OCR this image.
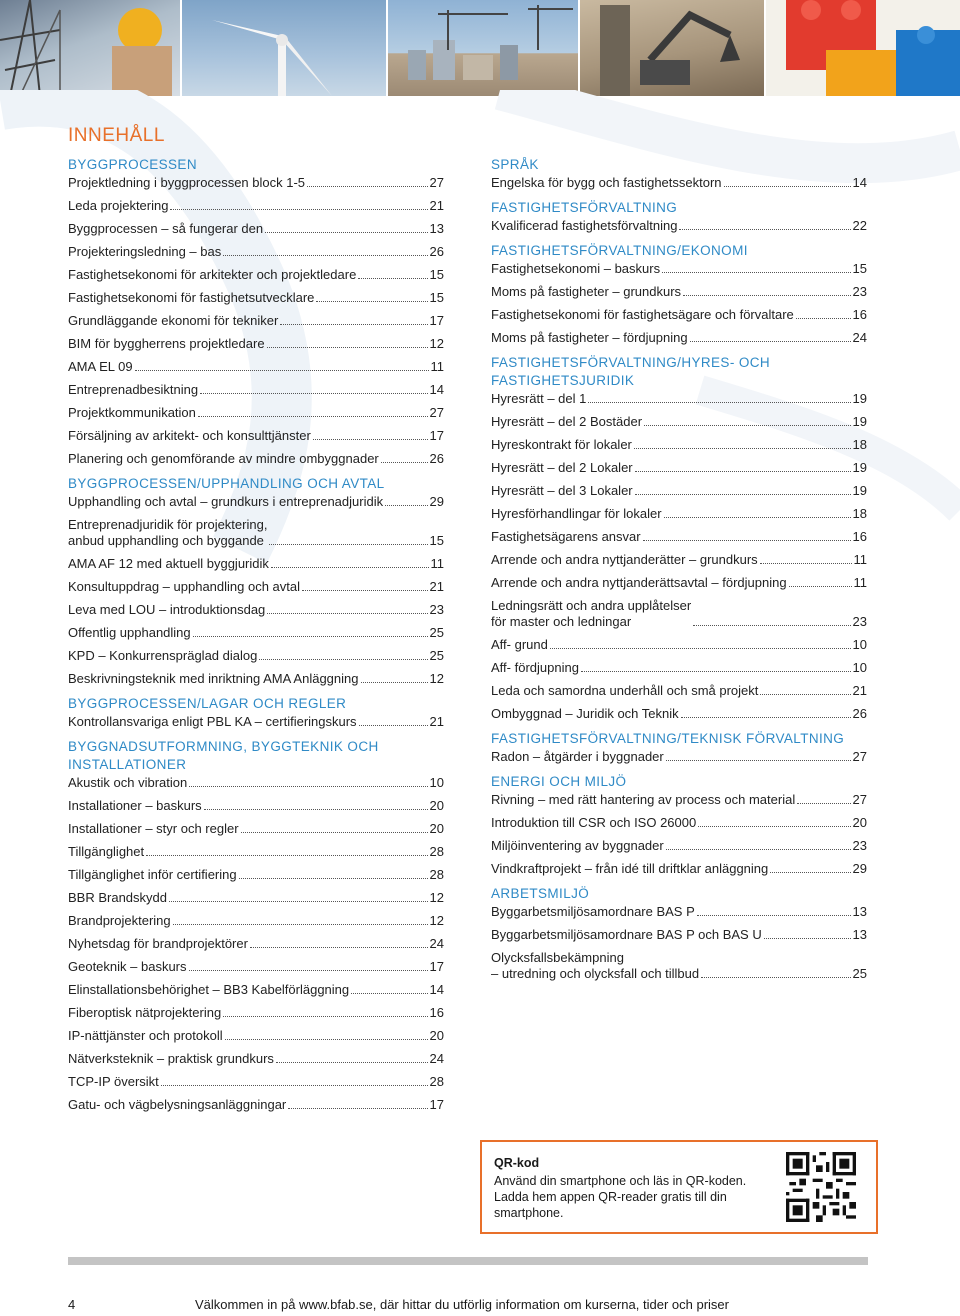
INNEHÅLL
BYGGPROCESSEN
Projektledning i byggprocessen block 1-5	27
Leda projektering	21
Byggprocessen – så fungerar den	13
Projekteringsledning – bas	26
Fastighetsekonomi för arkitekter och projektledare	15
Fastighetsekonomi för fastighetsutvecklare	15
Grundläggande ekonomi för tekniker	17
BIM för byggherrens projektledare	12
AMA EL 09	11
Entreprenadbesiktning	14
Projektkommunikation	27
Försäljning av arkitekt- och konsulttjänster	17
Planering och genomförande av mindre ombyggnader	26
BYGGPROCESSEN/UPPHANDLING OCH AVTAL
Upphandling och avtal – grundkurs i entreprenadjuridik	29
Entreprenadjuridik för projektering,
anbud upphandling och byggande	15
AMA AF 12 med aktuell byggjuridik	11
Konsultuppdrag – upphandling och avtal	21
Leva med LOU – introduktionsdag	23
Offentlig upphandling	25
KPD – Konkurrenspräglad dialog	25
Beskrivningsteknik med inriktning AMA Anläggning	12
BYGGPROCESSEN/LAGAR OCH REGLER
Kontrollansvariga enligt PBL KA – certifieringskurs	21
BYGGNADSUTFORMNING, BYGGTEKNIK OCH
INSTALLATIONER
Akustik och vibration	10
Installationer – baskurs	20
Installationer – styr och regler	20
Tillgänglighet	28
Tillgänglighet inför certifiering	28
BBR Brandskydd	12
Brandprojektering	12
Nyhetsdag för brandprojektörer	24
Geoteknik – baskurs	17
Elinstallationsbehörighet – BB3 Kabelförläggning	14
Fiberoptisk nätprojektering	16
IP-nättjänster och protokoll	20
Nätverksteknik – praktisk grundkurs	24
TCP-IP översikt	28
Gatu- och vägbelysningsanläggningar	17
SPRÅK
Engelska för bygg och fastighetssektorn	14
FASTIGHETSFÖRVALTNING
Kvalificerad fastighetsförvaltning	22
FASTIGHETSFÖRVALTNING/EKONOMI
Fastighetsekonomi – baskurs	15
Moms på fastigheter – grundkurs	23
Fastighetsekonomi för fastighetsägare och förvaltare	16
Moms på fastigheter – fördjupning	24
FASTIGHETSFÖRVALTNING/HYRES- OCH
FASTIGHETSJURIDIK
Hyresrätt – del 1	19
Hyresrätt – del 2 Bostäder	19
Hyreskontrakt för lokaler	18
Hyresrätt – del 2 Lokaler	19
Hyresrätt – del 3 Lokaler	19
Hyresförhandlingar för lokaler	18
Fastighetsägarens ansvar	16
Arrende och andra nyttjanderätter – grundkurs	11
Arrende och andra nyttjanderättsavtal – fördjupning	11
Ledningsrätt och andra upplåtelser
för master och ledningar	23
Aff- grund	10
Aff- fördjupning	10
Leda och samordna underhåll och små projekt	21
Ombyggnad – Juridik och Teknik	26
FASTIGHETSFÖRVALTNING/TEKNISK FÖRVALTNING
Radon – åtgärder i byggnader	27
ENERGI OCH MILJÖ
Rivning – med rätt hantering av process och material	27
Introduktion till CSR och ISO 26000	20
Miljöinventering av byggnader	23
Vindkraftprojekt – från idé till driftklar anläggning	29
ARBETSMILJÖ
Byggarbetsmiljösamordnare BAS P	13
Byggarbetsmiljösamordnare BAS P och BAS U	13
Olycksfallsbekämpning
– utredning och olycksfall och tillbud	25
QR-kod
Använd din smartphone och läs in QR-koden.
Ladda hem appen QR-reader gratis till din
smartphone.
4	Välkommen in på www.bfab.se, där hittar du utförlig information om kurserna, tider och priser
